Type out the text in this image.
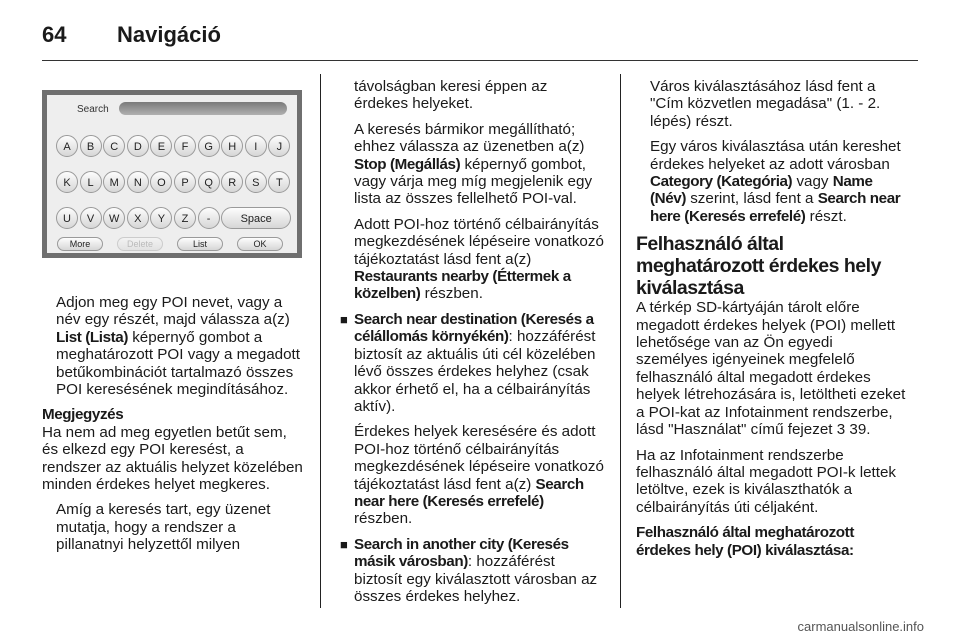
64 Navigáció
Search
A	B	C	D	E	F	G	H	I	J
K	L	M	N	O	P	Q	R	S	T
U	V	W	X	Y	Z	-	Space
More	Delete	List	OK

Adjon meg egy POI nevet, vagy a név egy részét, majd válassza a(z) List (Lista) képernyő gombot a meghatározott POI vagy a megadott betűkombinációt tartalmazó összes POI keresésének megindításához.

Megjegyzés

Ha nem ad meg egyetlen betűt sem, és elkezd egy POI keresést, a rendszer az aktuális helyzet közelében minden érdekes helyet megkeres.

Amíg a keresés tart, egy üzenet mutatja, hogy a rendszer a pillanatnyi helyzettől milyen

távolságban keresi éppen az érdekes helyeket.

A keresés bármikor megállítható; ehhez válassza az üzenetben a(z) Stop (Megállás) képernyő gombot, vagy várja meg míg megjelenik egy lista az összes fellelhető POI-val.

Adott POI-hoz történő célbairányítás megkezdésének lépéseire vonatkozó tájékoztatást lásd fent a(z) Restaurants nearby (Éttermek a közelben) részben.

■ Search near destination (Keresés a célállomás környékén): hozzáférést biztosít az aktuális úti cél közelében lévő összes érdekes helyhez (csak akkor érhető el, ha a célbairányítás aktív).

Érdekes helyek keresésére és adott POI-hoz történő célbairányítás megkezdésének lépéseire vonatkozó tájékoztatást lásd fent a(z) Search near here (Keresés errefelé) részben.

■ Search in another city (Keresés másik városban): hozzáférést biztosít egy kiválasztott városban az összes érdekes helyhez.

Város kiválasztásához lásd fent a "Cím közvetlen megadása" (1. - 2. lépés) részt.

Egy város kiválasztása után kereshet érdekes helyeket az adott városban Category (Kategória) vagy Name (Név) szerint, lásd fent a Search near here (Keresés errefelé) részt.

Felhasználó által meghatározott érdekes hely kiválasztása

A térkép SD-kártyáján tárolt előre megadott érdekes helyek (POI) mellett lehetősége van az Ön egyedi személyes igényeinek megfelelő felhasználó által megadott érdekes helyek létrehozására is, letöltheti ezeket a POI-kat az Infotainment rendszerbe, lásd "Használat" című fejezet 3 39.

Ha az Infotainment rendszerbe felhasználó által megadott POI-k lettek letöltve, ezek is kiválaszthatók a célbairányítás úti céljaként.

Felhasználó által meghatározott érdekes hely (POI) kiválasztása:
carmanualsonline.info
